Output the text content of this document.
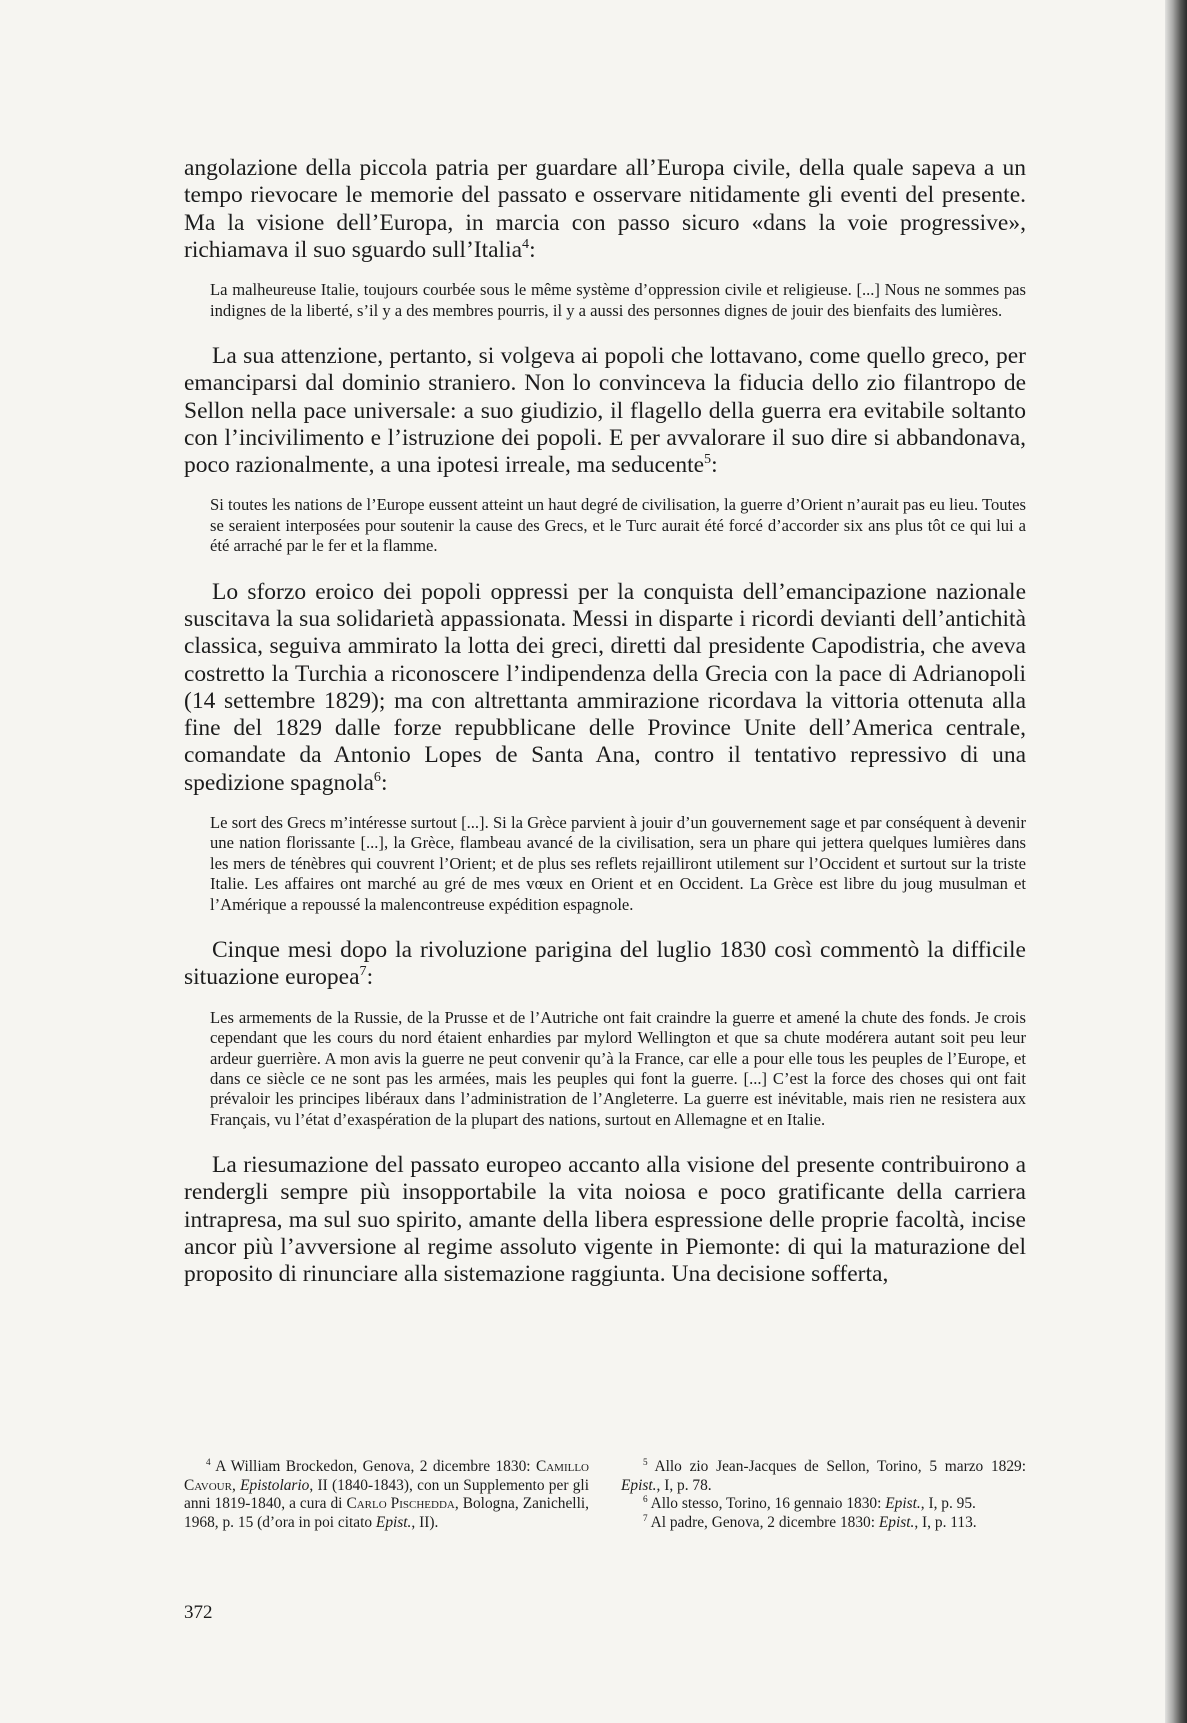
angolazione della piccola patria per guardare all’Europa civile, della quale sapeva a un tempo rievocare le memorie del passato e osservare nitidamente gli eventi del presente. Ma la visione dell’Europa, in marcia con passo sicuro «dans la voie progressive», richiamava il suo sguardo sull’Italia$^4$:

La malheureuse Italie, toujours courbée sous le même système d’oppression civile et religieuse. [...] Nous ne sommes pas indignes de la liberté, s’il y a des membres pourris, il y a aussi des personnes dignes de jouir des bienfaits des lumières.

La sua attenzione, pertanto, si volgeva ai popoli che lottavano, come quello greco, per emanciparsi dal dominio straniero. Non lo convinceva la fiducia dello zio filantropo de Sellon nella pace universale: a suo giudizio, il flagello della guerra era evitabile soltanto con l’incivilimento e l’istruzione dei popoli. E per avvalorare il suo dire si abbandonava, poco razionalmente, a una ipotesi irreale, ma seducente$^5$:

Si toutes les nations de l’Europe eussent atteint un haut degré de civilisation, la guerre d’Orient n’aurait pas eu lieu. Toutes se seraient interposées pour soutenir la cause des Grecs, et le Turc aurait été forcé d’accorder six ans plus tôt ce qui lui a été arraché par le fer et la flamme.

Lo sforzo eroico dei popoli oppressi per la conquista dell’emancipazione nazionale suscitava la sua solidarietà appassionata. Messi in disparte i ricordi devianti dell’antichità classica, seguiva ammirato la lotta dei greci, diretti dal presidente Capodistria, che aveva costretto la Turchia a riconoscere l’indipendenza della Grecia con la pace di Adrianopoli (14 settembre 1829); ma con altrettanta ammirazione ricordava la vittoria ottenuta alla fine del 1829 dalle forze repubblicane delle Province Unite dell’America centrale, comandate da Antonio Lopes de Santa Ana, contro il tentativo repressivo di una spedizione spagnola$^6$:

Le sort des Grecs m’intéresse surtout [...]. Si la Grèce parvient à jouir d’un gouvernement sage et par conséquent à devenir une nation florissante [...], la Grèce, flambeau avancé de la civilisation, sera un phare qui jettera quelques lumières dans les mers de ténèbres qui couvrent l’Orient; et de plus ses reflets rejailliront utilement sur l’Occident et surtout sur la triste Italie. Les affaires ont marché au gré de mes vœux en Orient et en Occident. La Grèce est libre du joug musulman et l’Amérique a repoussé la malencontreuse expédition espagnole.

Cinque mesi dopo la rivoluzione parigina del luglio 1830 così commentò la difficile situazione europea$^7$:

Les armements de la Russie, de la Prusse et de l’Autriche ont fait craindre la guerre et amené la chute des fonds. Je crois cependant que les cours du nord étaient enhardies par mylord Wellington et que sa chute modérera autant soit peu leur ardeur guerrière. A mon avis la guerre ne peut convenir qu’à la France, car elle a pour elle tous les peuples de l’Europe, et dans ce siècle ce ne sont pas les armées, mais les peuples qui font la guerre. [...] C’est la force des choses qui ont fait prévaloir les principes libéraux dans l’administration de l’Angleterre. La guerre est inévitable, mais rien ne resistera aux Français, vu l’état d’exaspération de la plupart des nations, surtout en Allemagne et en Italie.

La riesumazione del passato europeo accanto alla visione del presente contribuirono a rendergli sempre più insopportabile la vita noiosa e poco gratificante della carriera intrapresa, ma sul suo spirito, amante della libera espressione delle proprie facoltà, incise ancor più l’avversione al regime assoluto vigente in Piemonte: di qui la maturazione del proposito di rinunciare alla sistemazione raggiunta. Una decisione sofferta,

$^4$ A William Brockedon, Genova, 2 dicembre 1830: Camillo Cavour, Epistolario, II (1840-1843), con un Supplemento per gli anni 1819-1840, a cura di Carlo Pischedda, Bologna, Zanichelli, 1968, p. 15 (d’ora in poi citato Epist., II).

$^5$ Allo zio Jean-Jacques de Sellon, Torino, 5 marzo 1829: Epist., I, p. 78.

$^6$ Allo stesso, Torino, 16 gennaio 1830: Epist., I, p. 95.

$^7$ Al padre, Genova, 2 dicembre 1830: Epist., I, p. 113.

372
